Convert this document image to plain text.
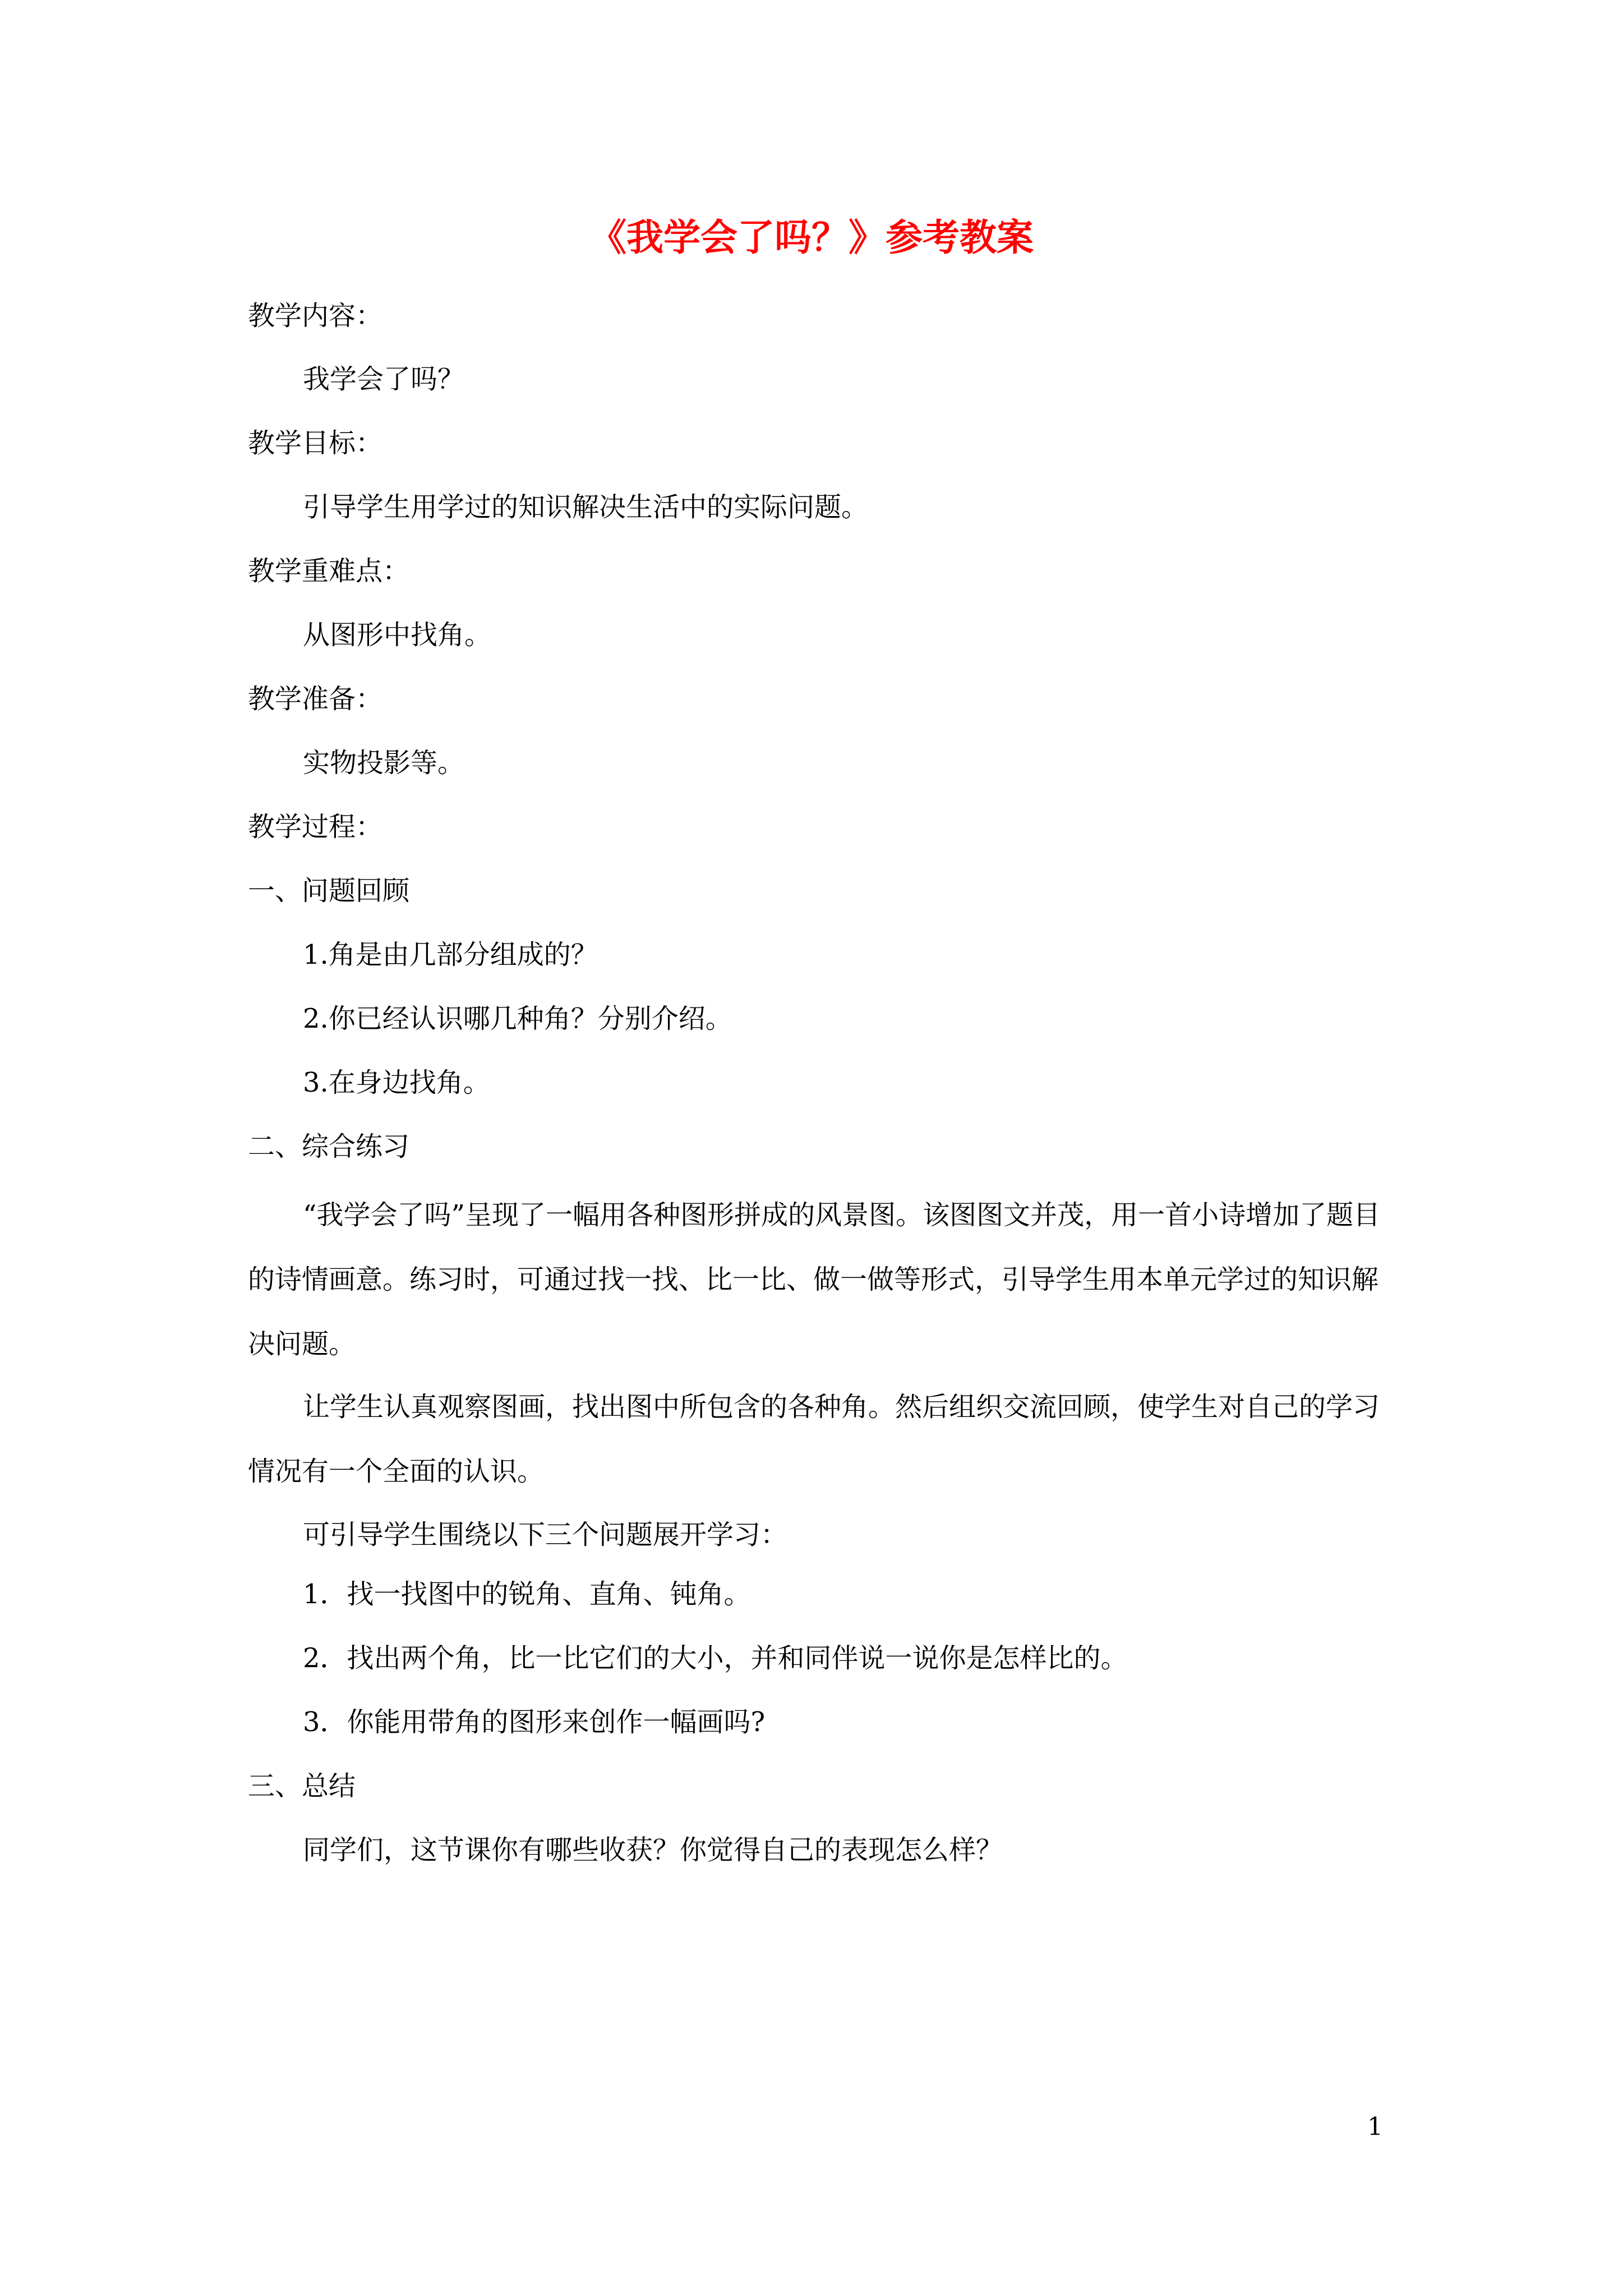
《我学会了吗？》参考教案
教学内容：
我学会了吗？
教学目标：
引导学生用学过的知识解决生活中的实际问题。
教学重难点：
从图形中找角。
教学准备：
实物投影等。
教学过程：
一、问题回顾
1.角是由几部分组成的？
2.你已经认识哪几种角？分别介绍。
3.在身边找角。
二、综合练习
“我学会了吗”呈现了一幅用各种图形拼成的风景图。该图图文并茂，用一首小诗增加了题目的诗情画意。练习时，可通过找一找、比一比、做一做等形式，引导学生用本单元学过的知识解决问题。
让学生认真观察图画，找出图中所包含的各种角。然后组织交流回顾，使学生对自己的学习情况有一个全面的认识。
可引导学生围绕以下三个问题展开学习：
1．找一找图中的锐角、直角、钝角。
2．找出两个角，比一比它们的大小，并和同伴说一说你是怎样比的。
3．你能用带角的图形来创作一幅画吗?
三、总结
同学们，这节课你有哪些收获？你觉得自己的表现怎么样？
1
